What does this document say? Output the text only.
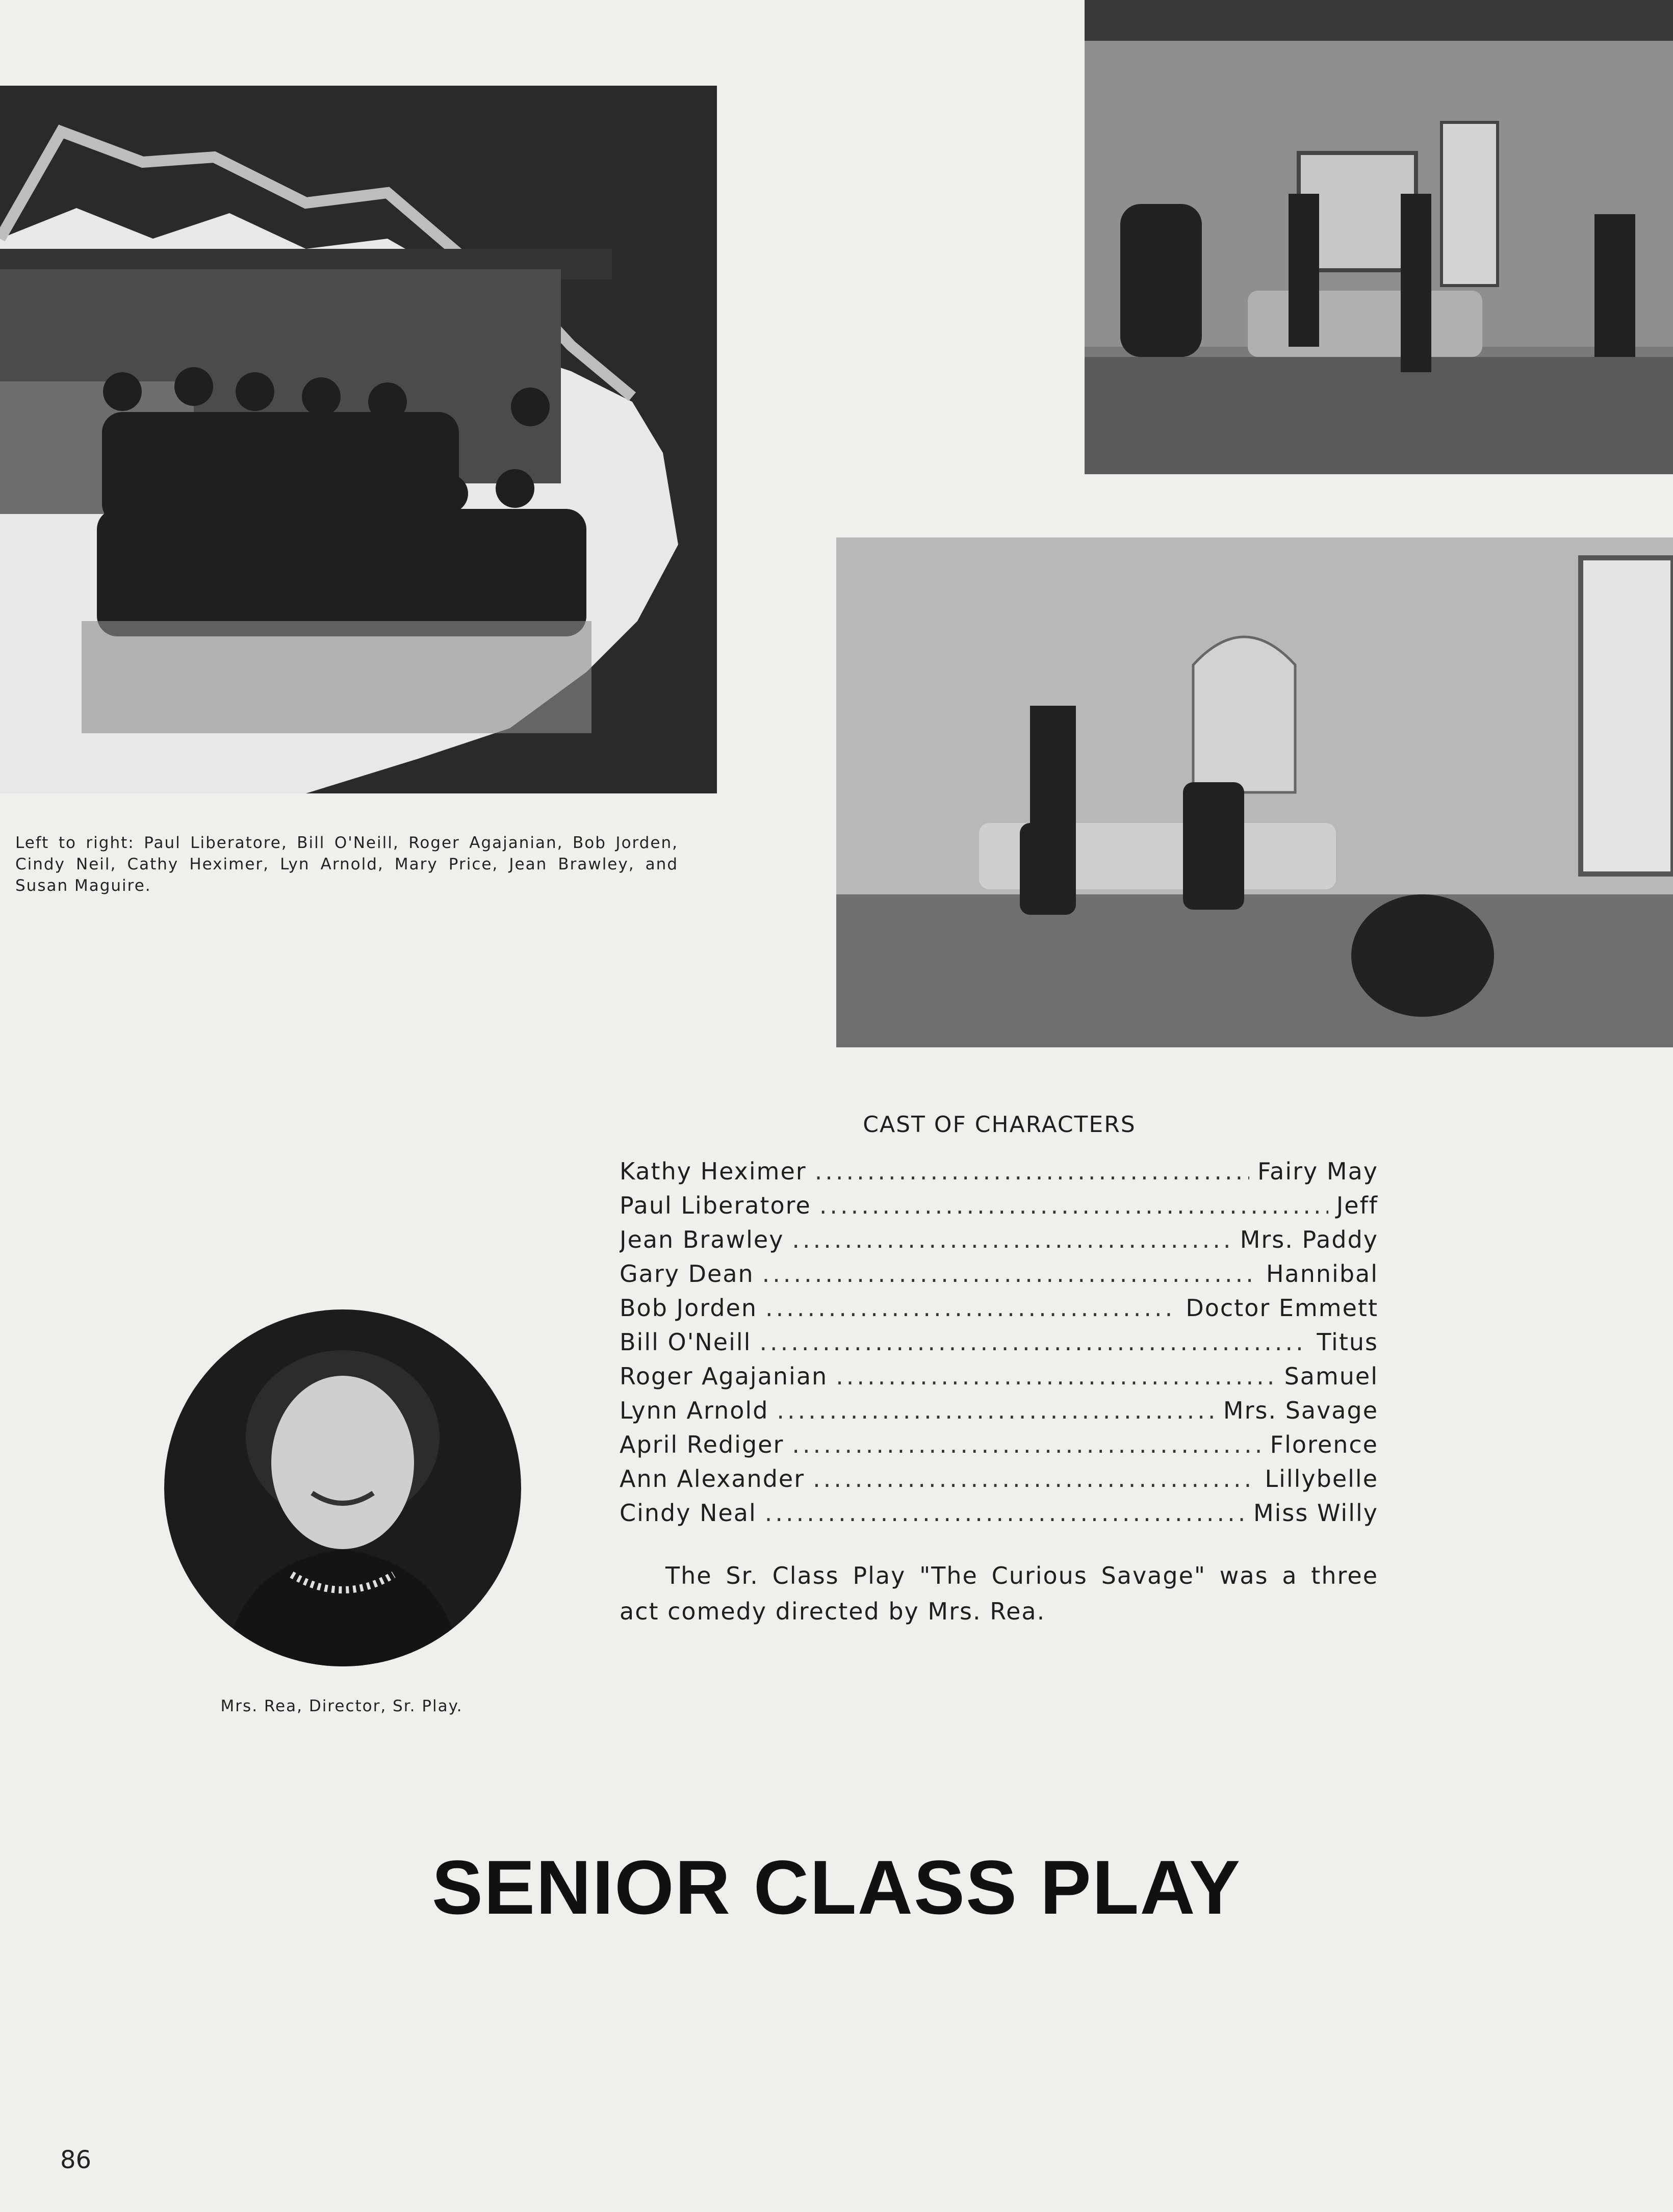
Left to right: Paul Liberatore, Bill O'Neill, Roger Agajanian, Bob Jorden, Cindy Neil, Cathy Heximer, Lyn Arnold, Mary Price, Jean Brawley, and Susan Maguire.
CAST OF CHARACTERS
Kathy Heximer .....	Fairy May
Paul Liberatore .....	Jeff
Jean Brawley .....	Mrs. Paddy
Gary Dean .....	Hannibal
Bob Jorden .....	Doctor Emmett
Bill O'Neill .....	Titus
Roger Agajanian .....	Samuel
Lynn Arnold .....	Mrs. Savage
April Rediger .....	Florence
Ann Alexander .....	Lillybelle
Cindy Neal .....	Miss Willy
The Sr. Class Play "The Curious Savage" was a three act comedy directed by Mrs. Rea.
Mrs. Rea, Director, Sr. Play.
SENIOR CLASS PLAY
86
